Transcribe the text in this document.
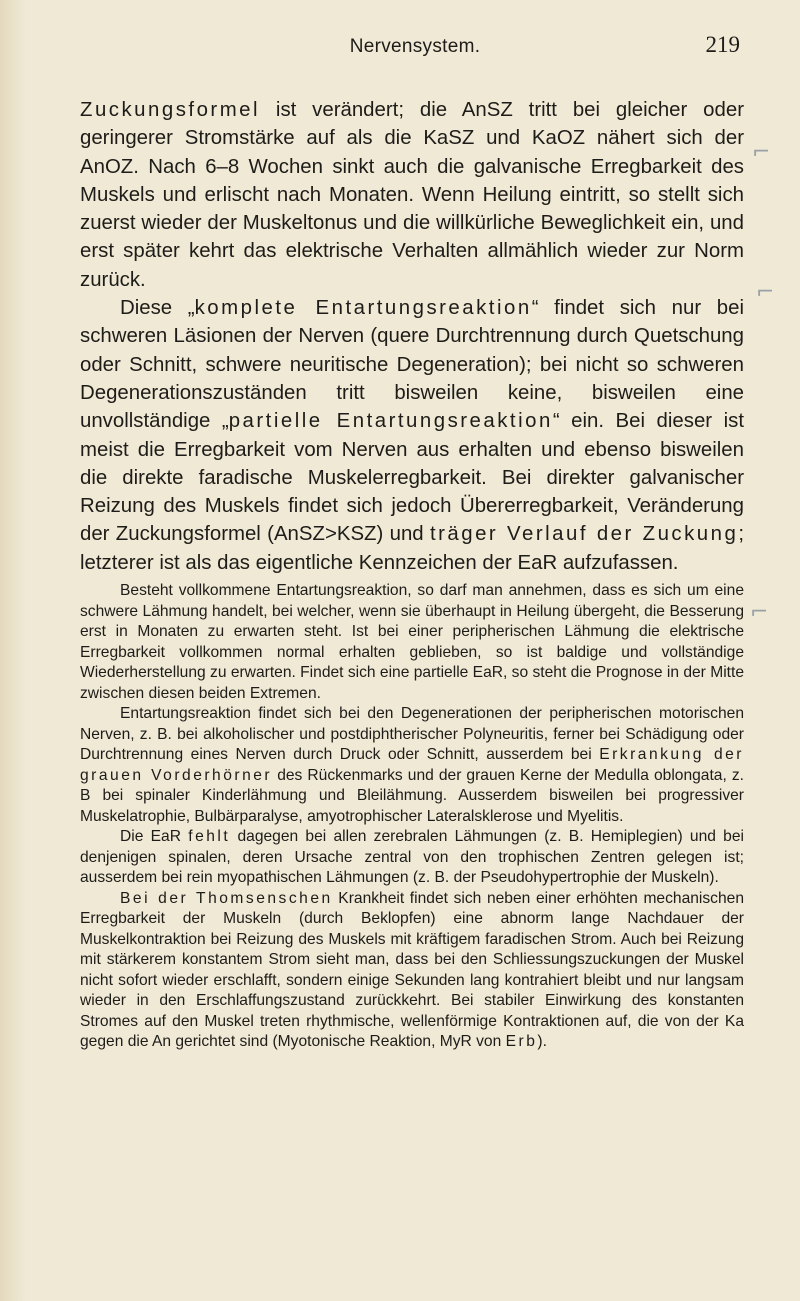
Nervensystem.	219

Zuckungsformel ist verändert; die AnSZ tritt bei gleicher oder geringerer Stromstärke auf als die KaSZ und KaOZ nähert sich der AnOZ. Nach 6–8 Wochen sinkt auch die galvanische Erregbarkeit des Muskels und erlischt nach Monaten. Wenn Heilung eintritt, so stellt sich zuerst wieder der Muskeltonus und die willkürliche Beweglichkeit ein, und erst später kehrt das elektrische Verhalten allmählich wieder zur Norm zurück.

Diese „komplete Entartungsreaktion“ findet sich nur bei schweren Läsionen der Nerven (quere Durchtrennung durch Quetschung oder Schnitt, schwere neuritische Degeneration); bei nicht so schweren Degenerationszuständen tritt bisweilen keine, bisweilen eine unvollständige „partielle Entartungsreaktion“ ein. Bei dieser ist meist die Erregbarkeit vom Nerven aus erhalten und ebenso bisweilen die direkte faradische Muskelerregbarkeit. Bei direkter galvanischer Reizung des Muskels findet sich jedoch Übererregbarkeit, Veränderung der Zuckungsformel (AnSZ>KSZ) und träger Verlauf der Zuckung; letzterer ist als das eigentliche Kennzeichen der EaR aufzufassen.

Besteht vollkommene Entartungsreaktion, so darf man annehmen, dass es sich um eine schwere Lähmung handelt, bei welcher, wenn sie überhaupt in Heilung übergeht, die Besserung erst in Monaten zu erwarten steht. Ist bei einer peripherischen Lähmung die elektrische Erregbarkeit vollkommen normal erhalten geblieben, so ist baldige und vollständige Wiederherstellung zu erwarten. Findet sich eine partielle EaR, so steht die Prognose in der Mitte zwischen diesen beiden Extremen.

Entartungsreaktion findet sich bei den Degenerationen der peripherischen motorischen Nerven, z. B. bei alkoholischer und postdiphtherischer Polyneuritis, ferner bei Schädigung oder Durchtrennung eines Nerven durch Druck oder Schnitt, ausserdem bei Erkrankung der grauen Vorderhörner des Rückenmarks und der grauen Kerne der Medulla oblongata, z. B bei spinaler Kinderlähmung und Bleilähmung. Ausserdem bisweilen bei progressiver Muskelatrophie, Bulbärparalyse, amyotrophischer Lateralsklerose und Myelitis.

Die EaR fehlt dagegen bei allen zerebralen Lähmungen (z. B. Hemiplegien) und bei denjenigen spinalen, deren Ursache zentral von den trophischen Zentren gelegen ist; ausserdem bei rein myopathischen Lähmungen (z. B. der Pseudohypertrophie der Muskeln).

Bei der Thomsenschen Krankheit findet sich neben einer erhöhten mechanischen Erregbarkeit der Muskeln (durch Beklopfen) eine abnorm lange Nachdauer der Muskelkontraktion bei Reizung des Muskels mit kräftigem faradischen Strom. Auch bei Reizung mit stärkerem konstantem Strom sieht man, dass bei den Schliessungszuckungen der Muskel nicht sofort wieder erschlafft, sondern einige Sekunden lang kontrahiert bleibt und nur langsam wieder in den Erschlaffungszustand zurückkehrt. Bei stabiler Einwirkung des konstanten Stromes auf den Muskel treten rhythmische, wellenförmige Kontraktionen auf, die von der Ka gegen die An gerichtet sind (Myotonische Reaktion, MyR von Erb).

⌐
⌐
⌐
